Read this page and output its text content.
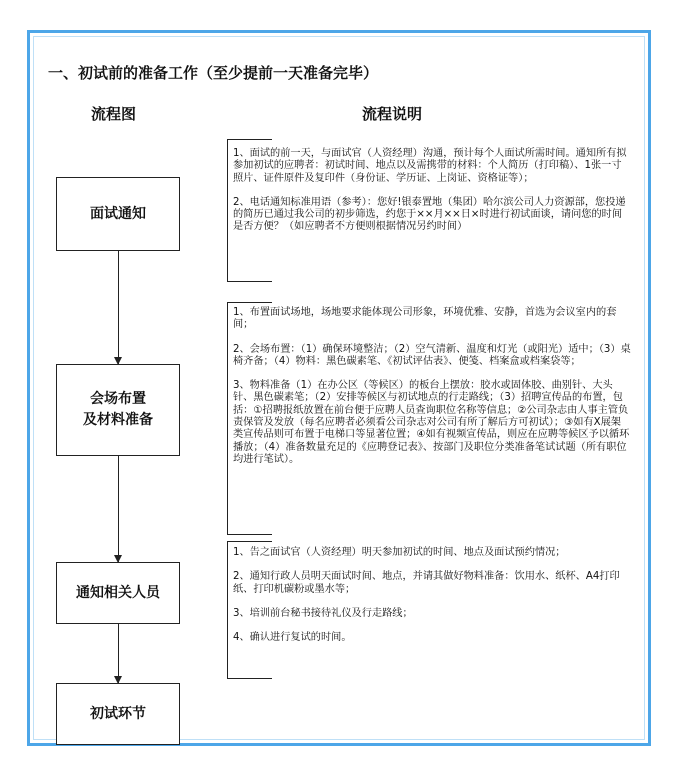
一、初试前的准备工作（至少提前一天准备完毕）
流程图	流程说明
面试通知
会场布置
及材料准备
通知相关人员
初试环节

1、面试的前一天，与面试官（人资经理）沟通，预计每个人面试所需时间。通知所有拟参加初试的应聘者：初试时间、地点以及需携带的材料：个人简历（打印稿）、1张一寸照片、证件原件及复印件（身份证、学历证、上岗证、资格证等）；

2、电话通知标准用语（参考）：您好!银泰置地（集团）哈尔滨公司人力资源部，您投递的简历已通过我公司的初步筛选，约您于××月××日×时进行初试面谈，请问您的时间是否方便？（如应聘者不方便则根据情况另约时间）

1、布置面试场地，场地要求能体现公司形象，环境优雅、安静，首选为会议室内的套间；

2、会场布置：（1）确保环境整洁；（2）空气清新、温度和灯光（或阳光）适中；（3）桌椅齐备；（4）物料：黑色碳素笔、《初试评估表》、便笺、档案盒或档案袋等；

3、物料准备（1）在办公区（等候区）的板台上摆放：胶水或固体胶、曲别针、大头针、黑色碳素笔；（2）安排等候区与初试地点的行走路线；（3）招聘宣传品的布置，包括：①招聘报纸放置在前台便于应聘人员查询职位名称等信息；②公司杂志由人事主管负责保管及发放（每名应聘者必须看公司杂志对公司有所了解后方可初试）；③如有X展架类宣传品则可布置于电梯口等显著位置；④如有视频宣传品，则应在应聘等候区予以循环播放；（4）准备数量充足的《应聘登记表》、按部门及职位分类准备笔试试题（所有职位均进行笔试）。

1、告之面试官（人资经理）明天参加初试的时间、地点及面试预约情况；

2、通知行政人员明天面试时间、地点，并请其做好物料准备：饮用水、纸杯、A4打印纸、打印机碳粉或墨水等；

3、培训前台秘书接待礼仪及行走路线；

4、确认进行复试的时间。
